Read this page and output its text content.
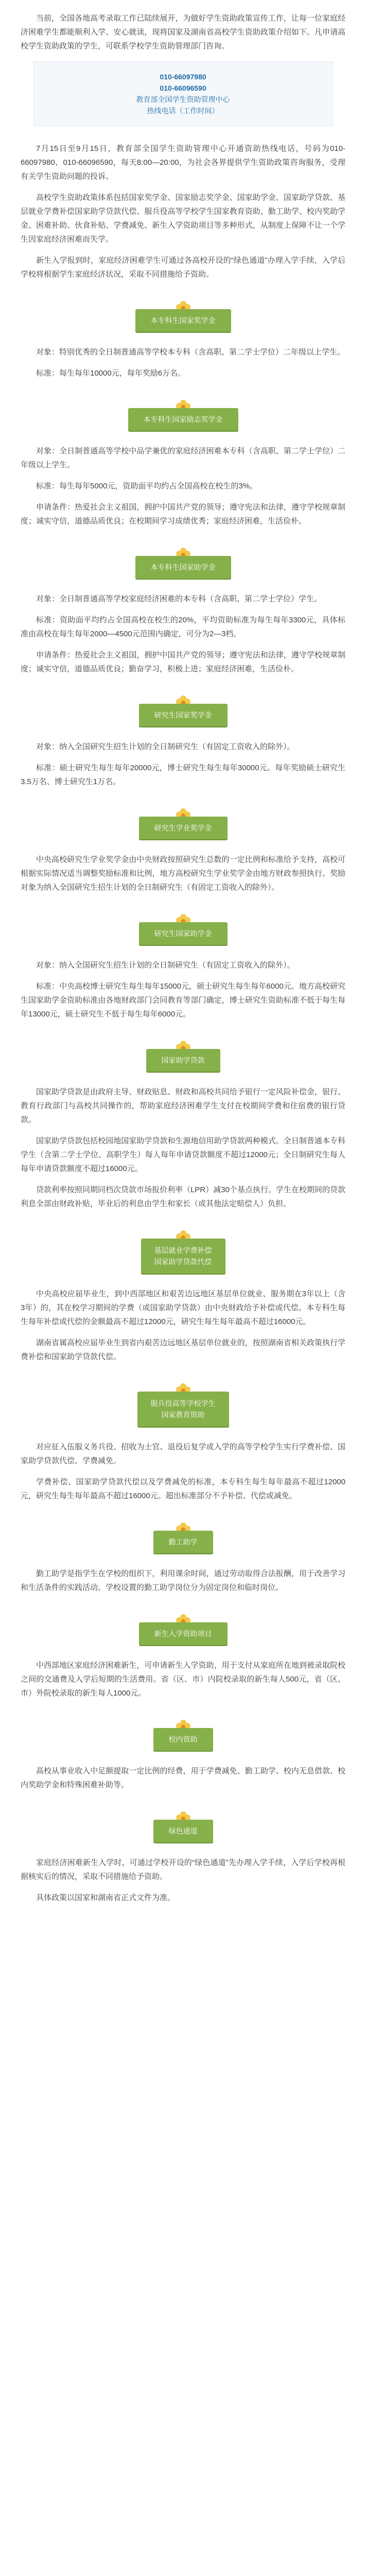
当前，全国各地高考录取工作已陆续展开，为做好学生资助政策宣传工作，让每一位家庭经济困难学生都能顺利入学、安心就读，现将国家及湖南省高校学生资助政策介绍如下。凡申请高校学生资助政策的学生，可联系学校学生资助管理部门咨询。

010-66097980
010-66096590
教育部全国学生资助管理中心
热线电话（工作时间）

7月15日至9月15日，教育部全国学生资助管理中心开通资助热线电话，号码为010-66097980、010-66096590，每天8:00—20:00，为社会各界提供学生资助政策咨询服务，受理有关学生资助问题的投诉。

高校学生资助政策体系包括国家奖学金、国家励志奖学金、国家助学金、国家助学贷款、基层就业学费补偿国家助学贷款代偿、服兵役高等学校学生国家教育资助、勤工助学、校内奖助学金、困难补助、伙食补贴、学费减免、新生入学资助项目等多种形式，从制度上保障不让一个学生因家庭经济困难而失学。

新生入学报到时，家庭经济困难学生可通过各高校开设的“绿色通道”办理入学手续，入学后学校将根据学生家庭经济状况，采取不同措施给予资助。

本专科生国家奖学金

对象：特别优秀的全日制普通高等学校本专科（含高职、第二学士学位）二年级以上学生。

标准：每生每年10000元，每年奖励6万名。

本专科生国家励志奖学金

对象：全日制普通高等学校中品学兼优的家庭经济困难本专科（含高职、第二学士学位）二年级以上学生。

标准：每生每年5000元，资助面平均约占全国高校在校生的3%。

申请条件：热爱社会主义祖国，拥护中国共产党的领导；遵守宪法和法律，遵守学校规章制度；诚实守信，道德品质优良；在校期间学习成绩优秀；家庭经济困难，生活俭朴。

本专科生国家助学金

对象：全日制普通高等学校家庭经济困难的本专科（含高职、第二学士学位）学生。

标准：资助面平均约占全国高校在校生的20%，平均资助标准为每生每年3300元，具体标准由高校在每生每年2000—4500元范围内确定，可分为2—3档。

申请条件：热爱社会主义祖国，拥护中国共产党的领导；遵守宪法和法律，遵守学校规章制度；诚实守信，道德品质优良；勤奋学习，积极上进；家庭经济困难，生活俭朴。

研究生国家奖学金

对象：纳入全国研究生招生计划的全日制研究生（有固定工资收入的除外）。

标准：硕士研究生每生每年20000元，博士研究生每生每年30000元。每年奖励硕士研究生3.5万名、博士研究生1万名。

研究生学业奖学金

中央高校研究生学业奖学金由中央财政按照研究生总数的一定比例和标准给予支持，高校可根据实际情况适当调整奖励标准和比例，地方高校研究生学业奖学金由地方财政参照执行。奖励对象为纳入全国研究生招生计划的全日制研究生（有固定工资收入的除外）。

研究生国家助学金

对象：纳入全国研究生招生计划的全日制研究生（有固定工资收入的除外）。

标准：中央高校博士研究生每生每年15000元，硕士研究生每生每年6000元。地方高校研究生国家助学金资助标准由各地财政部门会同教育等部门确定，博士研究生资助标准不低于每生每年13000元，硕士研究生不低于每生每年6000元。

国家助学贷款

国家助学贷款是由政府主导、财政贴息、财政和高校共同给予银行一定风险补偿金，银行、教育行政部门与高校共同操作的，帮助家庭经济困难学生支付在校期间学费和住宿费的银行贷款。

国家助学贷款包括校园地国家助学贷款和生源地信用助学贷款两种模式。全日制普通本专科学生（含第二学士学位、高职学生）每人每年申请贷款额度不超过12000元；全日制研究生每人每年申请贷款额度不超过16000元。

贷款利率按照同期同档次贷款市场报价利率（LPR）减30个基点执行。学生在校期间的贷款利息全部由财政补贴，毕业后的利息由学生和家长（或其他法定赔偿人）负担。

基层就业学费补偿
国家助学贷款代偿

中央高校应届毕业生，到中西部地区和艰苦边远地区基层单位就业、服务期在3年以上（含3年）的，其在校学习期间的学费（或国家助学贷款）由中央财政给予补偿或代偿。本专科生每生每年补偿或代偿的金额最高不超过12000元，研究生每生每年最高不超过16000元。

湖南省属高校应届毕业生到省内艰苦边远地区基层单位就业的，按照湖南省相关政策执行学费补偿和国家助学贷款代偿。

服兵役高等学校学生
国家教育资助

对应征入伍服义务兵役、招收为士官、退役后复学或入学的高等学校学生实行学费补偿、国家助学贷款代偿、学费减免。

学费补偿、国家助学贷款代偿以及学费减免的标准，本专科生每生每年最高不超过12000元，研究生每生每年最高不超过16000元。超出标准部分不予补偿、代偿或减免。

勤工助学

勤工助学是指学生在学校的组织下，利用课余时间，通过劳动取得合法报酬，用于改善学习和生活条件的实践活动。学校设置的勤工助学岗位分为固定岗位和临时岗位。

新生入学资助项目

中西部地区家庭经济困难新生，可申请新生入学资助，用于支付从家庭所在地到被录取院校之间的交通费及入学后短期的生活费用。省（区、市）内院校录取的新生每人500元，省（区、市）外院校录取的新生每人1000元。

校内资助

高校从事业收入中足额提取一定比例的经费，用于学费减免、勤工助学、校内无息借款、校内奖助学金和特殊困难补助等。

绿色通道

家庭经济困难新生入学时，可通过学校开设的“绿色通道”先办理入学手续，入学后学校再根据核实后的情况，采取不同措施给予资助。

具体政策以国家和湖南省正式文件为准。
